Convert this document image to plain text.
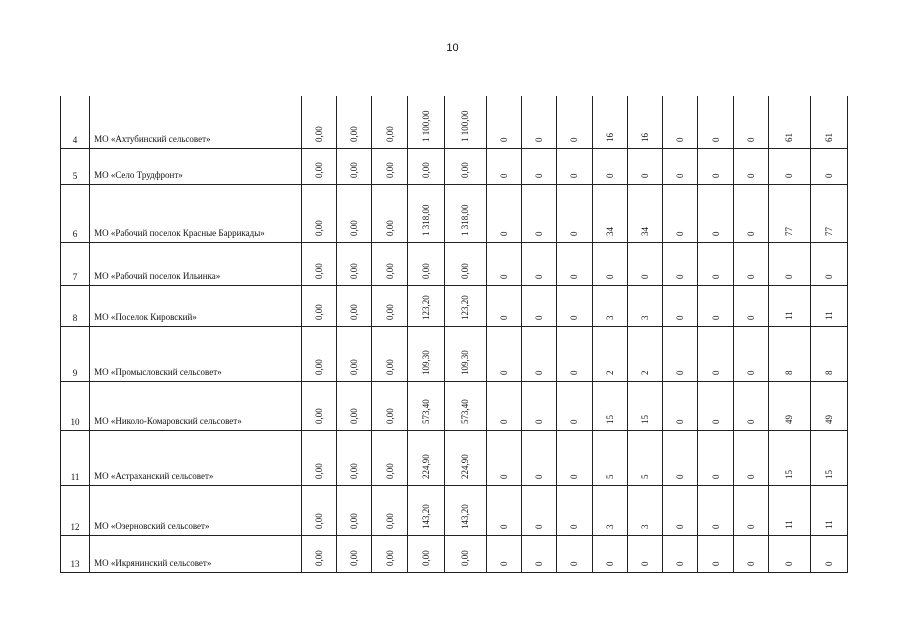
10
4	МО «Ахтубинский сельсовет»	0,00	0,00	0,00	1 100,00	1 100,00	0	0	0	16	16	0	0	0	61	61

5	МО «Село Трудфронт»	0,00	0,00	0,00	0,00	0,00	0	0	0	0	0	0	0	0	0	0

6	МО «Рабочий поселок Красные Баррикады»	0,00	0,00	0,00	1 318,00	1 318,00	0	0	0	34	34	0	0	0	77	77

7	МО «Рабочий поселок Ильинка»	0,00	0,00	0,00	0,00	0,00	0	0	0	0	0	0	0	0	0	0

8	МО «Поселок Кировский»	0,00	0,00	0,00	123,20	123,20	0	0	0	3	3	0	0	0	11	11

9	МО «Промысловский сельсовет»	0,00	0,00	0,00	109,30	109,30	0	0	0	2	2	0	0	0	8	8

10	МО «Николо-Комаровский сельсовет»	0,00	0,00	0,00	573,40	573,40	0	0	0	15	15	0	0	0	49	49

11	МО «Астраханский сельсовет»	0,00	0,00	0,00	224,90	224,90	0	0	0	5	5	0	0	0	15	15

12	МО «Озерновский сельсовет»	0,00	0,00	0,00	143,20	143,20	0	0	0	3	3	0	0	0	11	11

13	МО «Икрянинский сельсовет»	0,00	0,00	0,00	0,00	0,00	0	0	0	0	0	0	0	0	0	0
